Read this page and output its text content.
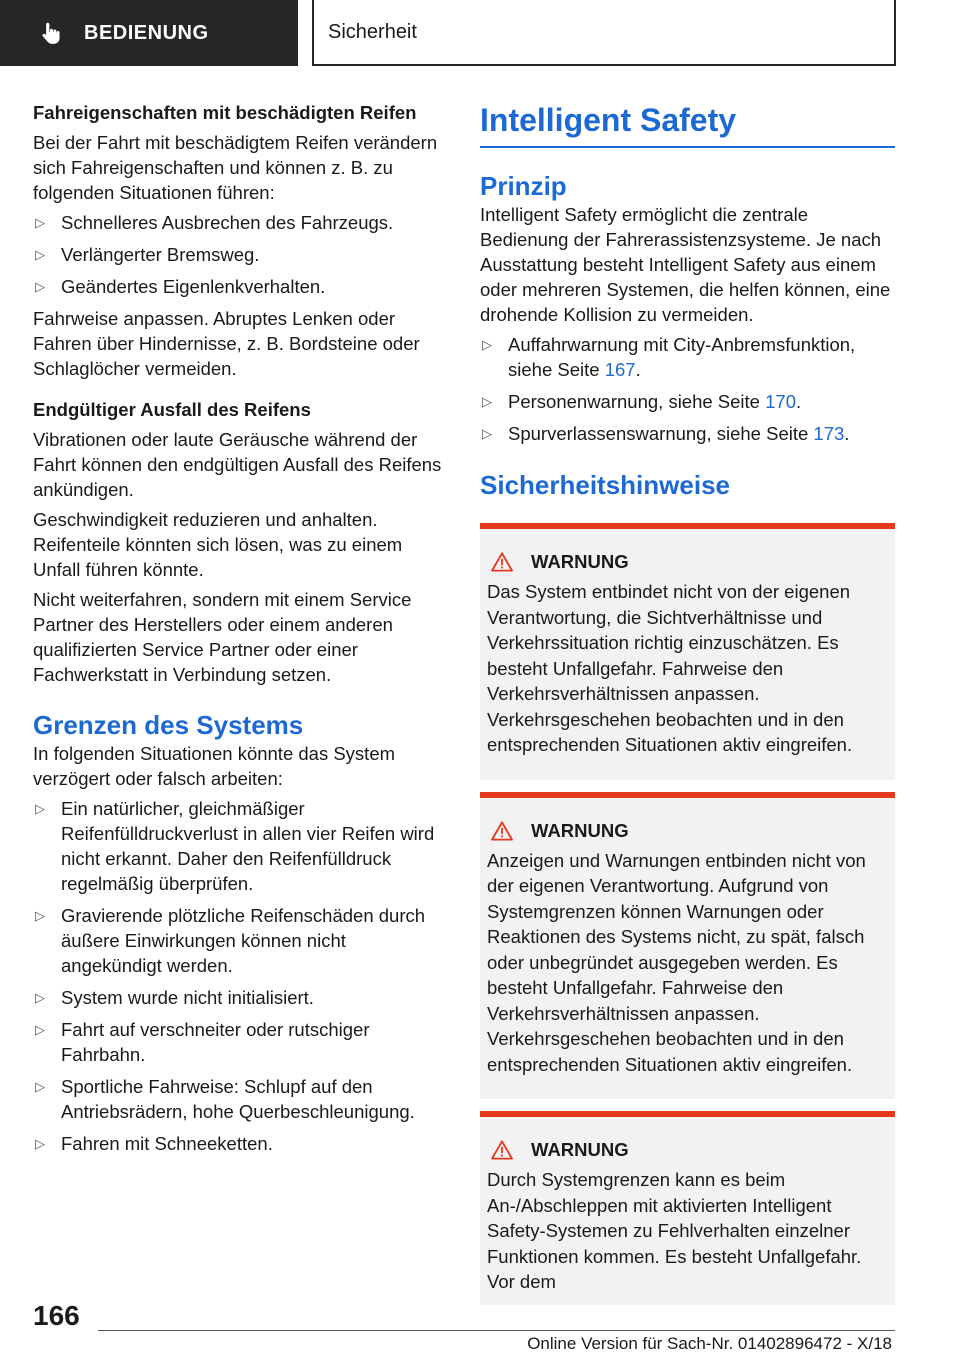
BEDIENUNG	Sicherheit
Fahreigenschaften mit beschädigten Reifen
Bei der Fahrt mit beschädigtem Reifen verändern sich Fahreigenschaften und können z. B. zu folgenden Situationen führen:
▷ Schnelleres Ausbrechen des Fahrzeugs.
▷ Verlängerter Bremsweg.
▷ Geändertes Eigenlenkverhalten.
Fahrweise anpassen. Abruptes Lenken oder Fahren über Hindernisse, z. B. Bordsteine oder Schlaglöcher vermeiden.
Endgültiger Ausfall des Reifens
Vibrationen oder laute Geräusche während der Fahrt können den endgültigen Ausfall des Reifens ankündigen.
Geschwindigkeit reduzieren und anhalten. Reifenteile könnten sich lösen, was zu einem Unfall führen könnte.
Nicht weiterfahren, sondern mit einem Service Partner des Herstellers oder einem anderen qualifizierten Service Partner oder einer Fachwerkstatt in Verbindung setzen.
Grenzen des Systems
In folgenden Situationen könnte das System verzögert oder falsch arbeiten:
▷ Ein natürlicher, gleichmäßiger Reifenfülldruckverlust in allen vier Reifen wird nicht erkannt. Daher den Reifenfülldruck regelmäßig überprüfen.
▷ Gravierende plötzliche Reifenschäden durch äußere Einwirkungen können nicht angekündigt werden.
▷ System wurde nicht initialisiert.
▷ Fahrt auf verschneiter oder rutschiger Fahrbahn.
▷ Sportliche Fahrweise: Schlupf auf den Antriebsrädern, hohe Querbeschleunigung.
▷ Fahren mit Schneeketten.
Intelligent Safety
Prinzip
Intelligent Safety ermöglicht die zentrale Bedienung der Fahrerassistenzsysteme. Je nach Ausstattung besteht Intelligent Safety aus einem oder mehreren Systemen, die helfen können, eine drohende Kollision zu vermeiden.
▷ Auffahrwarnung mit City-Anbremsfunktion, siehe Seite 167.
▷ Personenwarnung, siehe Seite 170.
▷ Spurverlassenswarnung, siehe Seite 173.
Sicherheitshinweise
WARNUNG
Das System entbindet nicht von der eigenen Verantwortung, die Sichtverhältnisse und Verkehrssituation richtig einzuschätzen. Es besteht Unfallgefahr. Fahrweise den Verkehrsverhältnissen anpassen. Verkehrsgeschehen beobachten und in den entsprechenden Situationen aktiv eingreifen.
WARNUNG
Anzeigen und Warnungen entbinden nicht von der eigenen Verantwortung. Aufgrund von Systemgrenzen können Warnungen oder Reaktionen des Systems nicht, zu spät, falsch oder unbegründet ausgegeben werden. Es besteht Unfallgefahr. Fahrweise den Verkehrsverhältnissen anpassen. Verkehrsgeschehen beobachten und in den entsprechenden Situationen aktiv eingreifen.
WARNUNG
Durch Systemgrenzen kann es beim An-/Abschleppen mit aktivierten Intelligent Safety-Systemen zu Fehlverhalten einzelner Funktionen kommen. Es besteht Unfallgefahr. Vor dem
166
Online Version für Sach-Nr. 01402896472 - X/18
